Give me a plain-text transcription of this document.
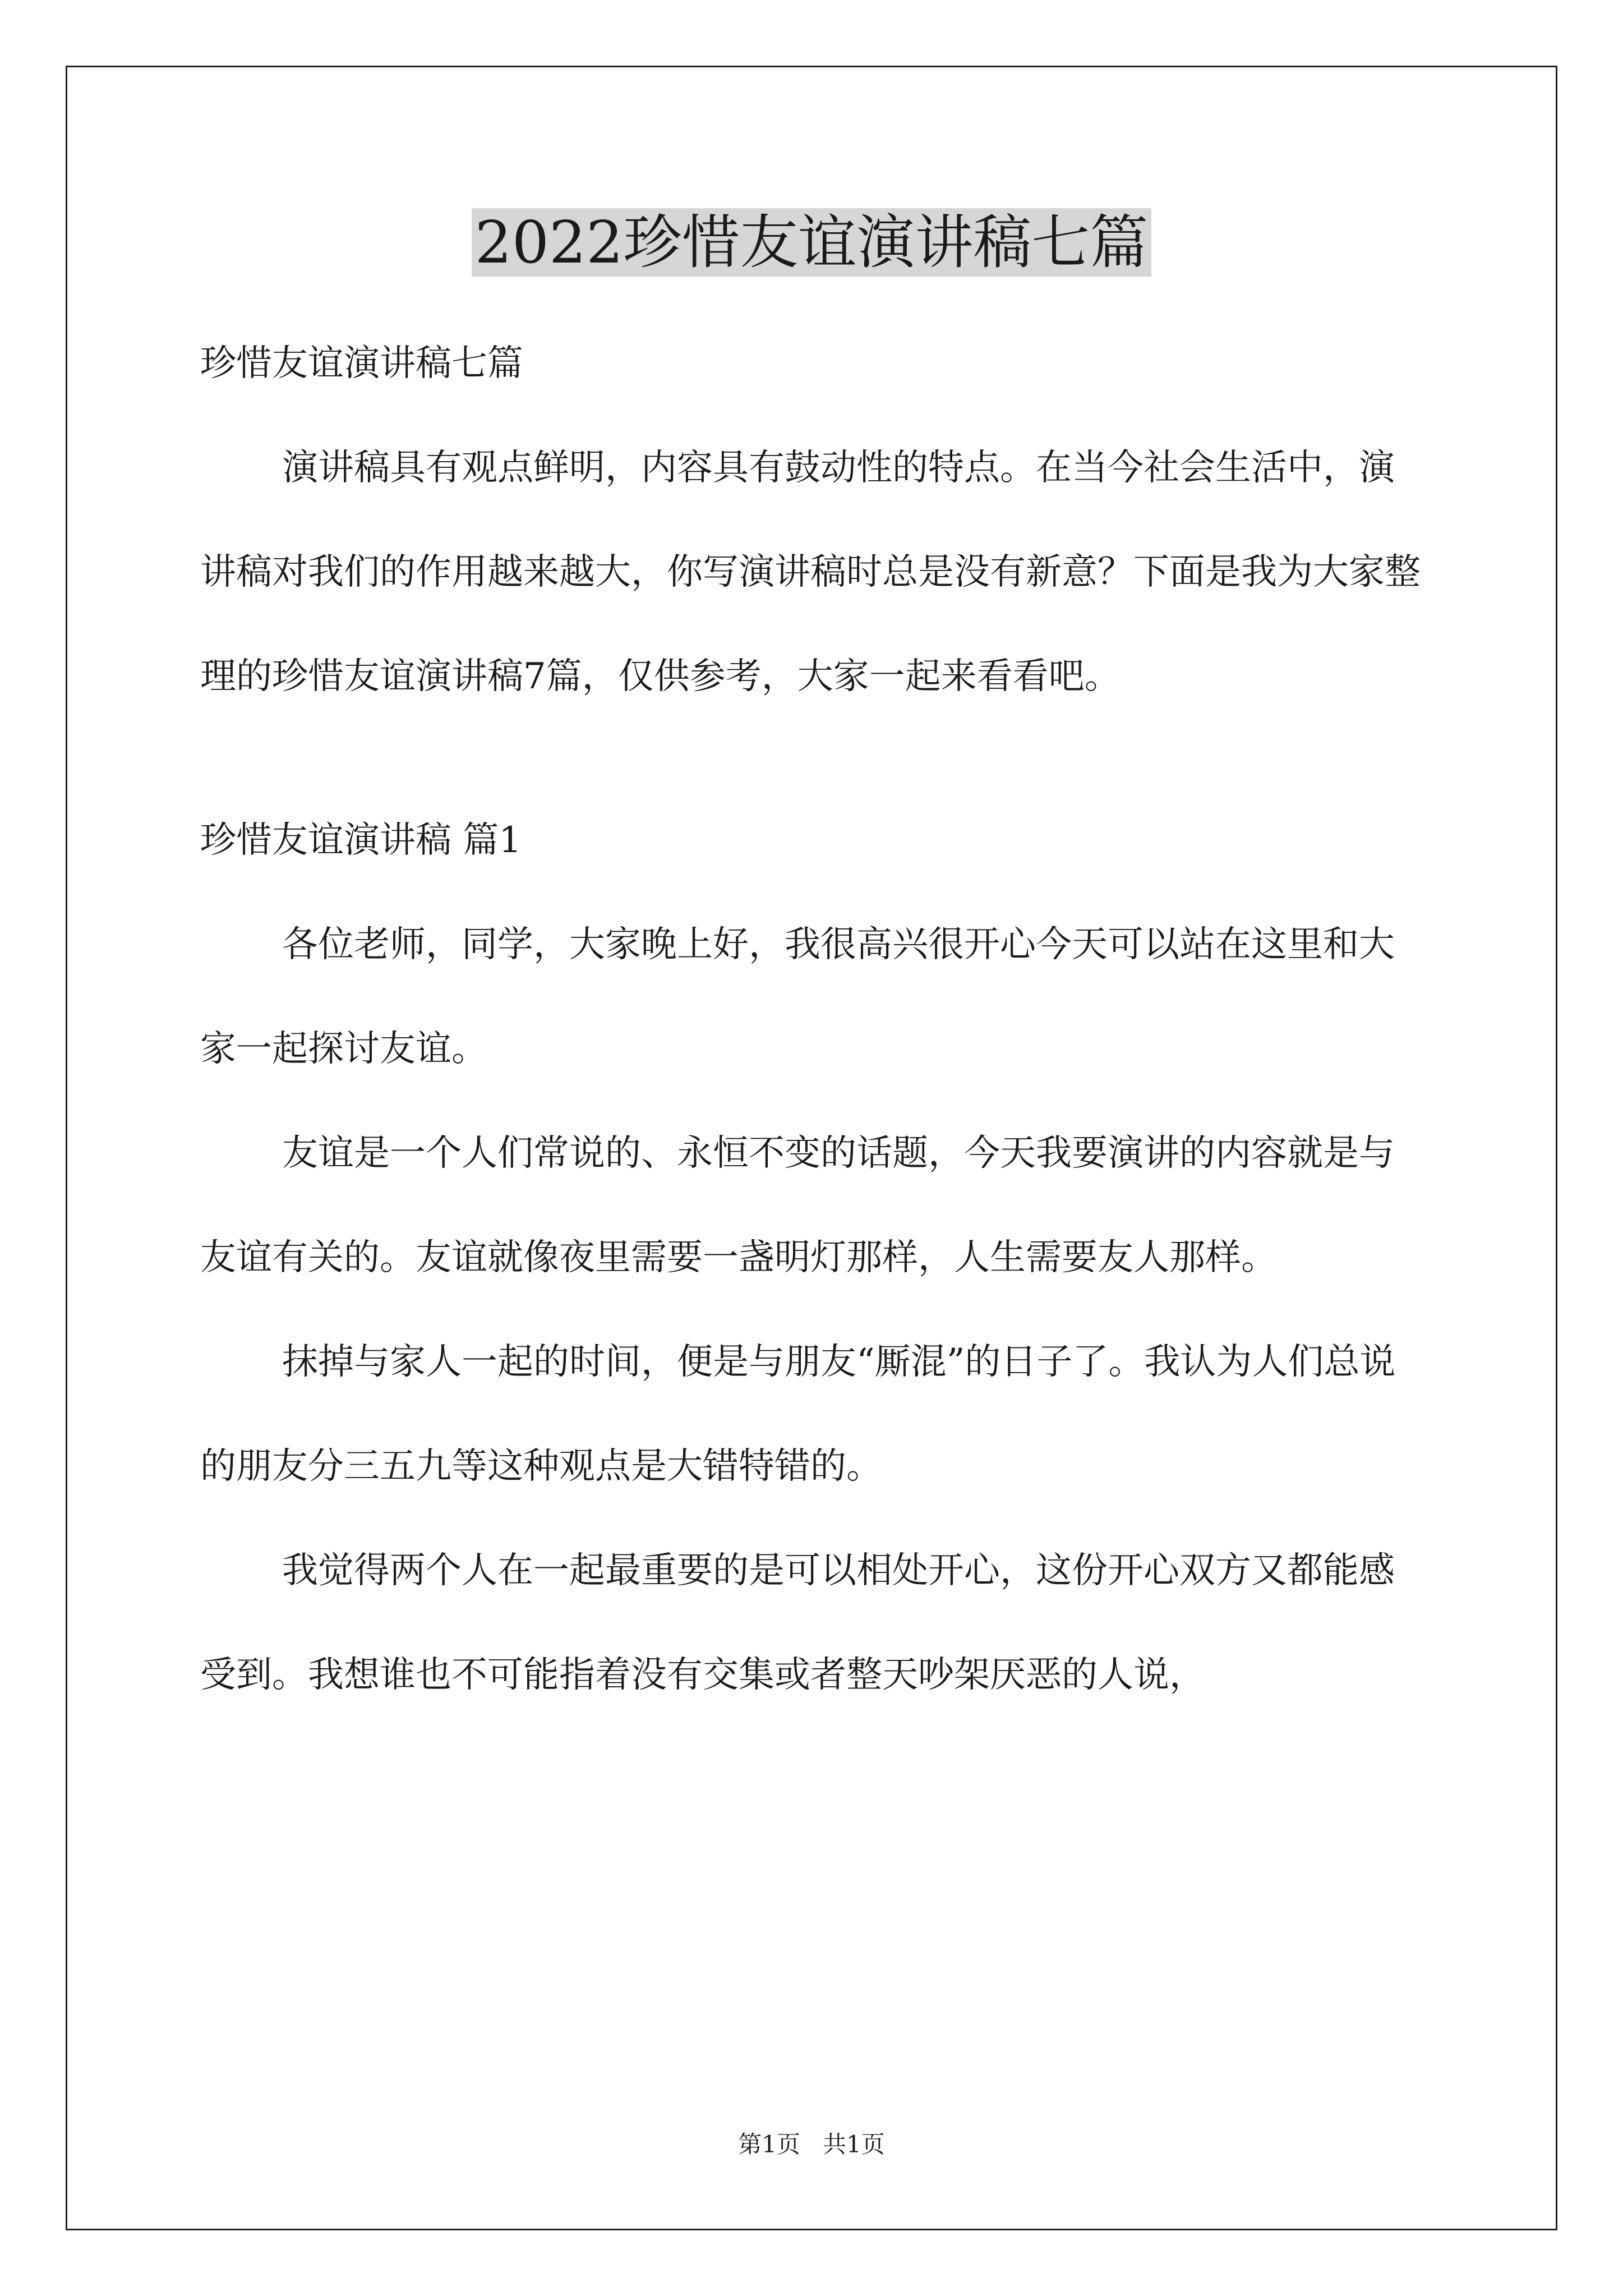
2022珍惜友谊演讲稿七篇

珍惜友谊演讲稿七篇

演讲稿具有观点鲜明，内容具有鼓动性的特点。在当今社会生活中，演讲稿对我们的作用越来越大，你写演讲稿时总是没有新意？下面是我为大家整理的珍惜友谊演讲稿7篇，仅供参考，大家一起来看看吧。

珍惜友谊演讲稿 篇1

各位老师，同学，大家晚上好，我很高兴很开心今天可以站在这里和大家一起探讨友谊。

友谊是一个人们常说的、永恒不变的话题，今天我要演讲的内容就是与友谊有关的。友谊就像夜里需要一盏明灯那样，人生需要友人那样。

抹掉与家人一起的时间，便是与朋友“厮混”的日子了。我认为人们总说的朋友分三五九等这种观点是大错特错的。

我觉得两个人在一起最重要的是可以相处开心，这份开心双方又都能感受到。我想谁也不可能指着没有交集或者整天吵架厌恶的人说，

第1页   共1页
